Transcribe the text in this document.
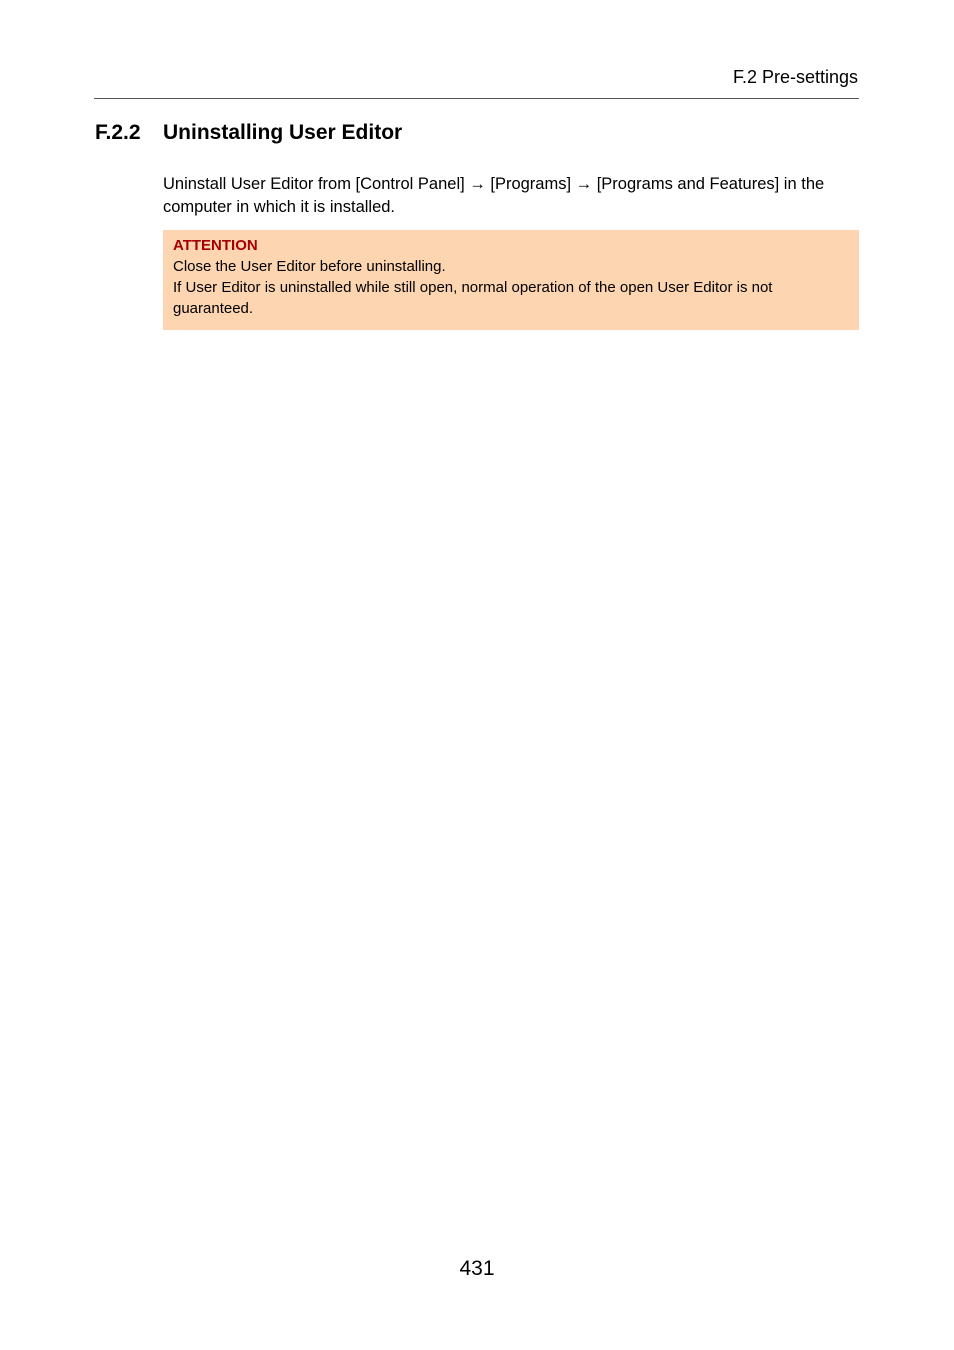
F.2 Pre-settings
F.2.2 Uninstalling User Editor

Uninstall User Editor from [Control Panel] → [Programs] → [Programs and Features] in the computer in which it is installed.

ATTENTION
Close the User Editor before uninstalling.
If User Editor is uninstalled while still open, normal operation of the open User Editor is not guaranteed.
431
